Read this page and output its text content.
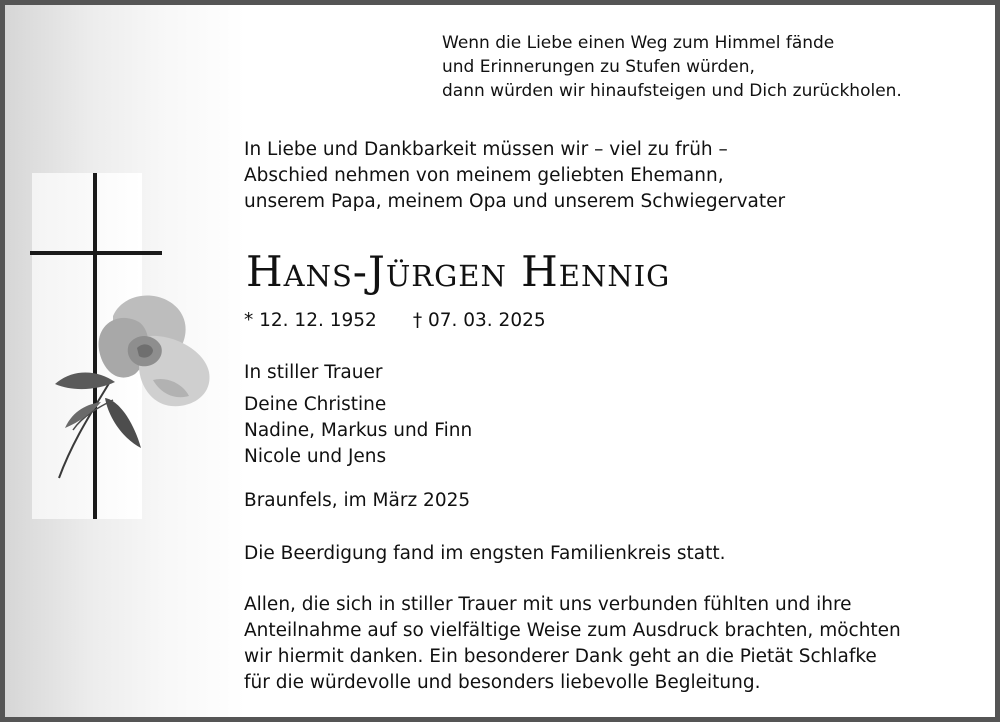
Wenn die Liebe einen Weg zum Himmel fände
und Erinnerungen zu Stufen würden,
dann würden wir hinaufsteigen und Dich zurückholen.

In Liebe und Dankbarkeit müssen wir – viel zu früh –
Abschied nehmen von meinem geliebten Ehemann,
unserem Papa, meinem Opa und unserem Schwiegervater

Hans-Jürgen Hennig

* 12. 12. 1952 † 07. 03. 2025

In stiller Trauer

Deine Christine
Nadine, Markus und Finn
Nicole und Jens

Braunfels, im März 2025

Die Beerdigung fand im engsten Familienkreis statt.

Allen, die sich in stiller Trauer mit uns verbunden fühlten und ihre
Anteilnahme auf so vielfältige Weise zum Ausdruck brachten, möchten
wir hiermit danken. Ein besonderer Dank geht an die Pietät Schlafke
für die würdevolle und besonders liebevolle Begleitung.
